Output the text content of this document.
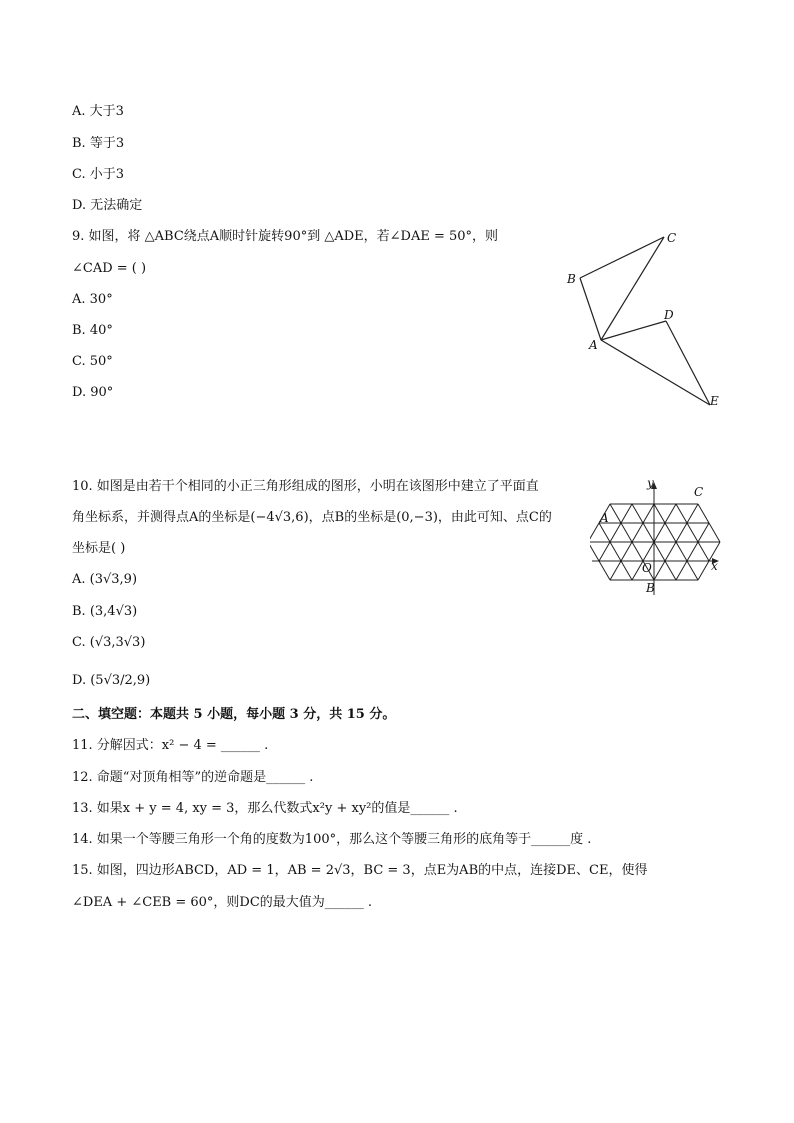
A. 大于3
B. 等于3
C. 小于3
D. 无法确定
9. 如图，将 △ABC绕点A顺时针旋转90°到 △ADE，若∠DAE = 50°，则
∠CAD = ( )
A. 30°
B. 40°
C. 50°
D. 90°
A
B
C
D
E
10. 如图是由若干个相同的小正三角形组成的图形，小明在该图形中建立了平面直
角坐标系，并测得点A的坐标是(−4√3,6)，点B的坐标是(0,−3)，由此可知、点C的
坐标是( )
A. (3√3,9)
B. (3,4√3)
C. (√3,3√3)
D. (5√3/2,9)
y
x
O
A
B
C
二、填空题：本题共 5 小题，每小题 3 分，共 15 分。
11. 分解因式：x² − 4 = ______ .
12. 命题“对顶角相等”的逆命题是______ .
13. 如果x + y = 4, xy = 3，那么代数式x²y + xy²的值是______ .
14. 如果一个等腰三角形一个角的度数为100°，那么这个等腰三角形的底角等于______度 .
15. 如图，四边形ABCD，AD = 1，AB = 2√3，BC = 3，点E为AB的中点，连接DE、CE，使得
∠DEA + ∠CEB = 60°，则DC的最大值为______ .
